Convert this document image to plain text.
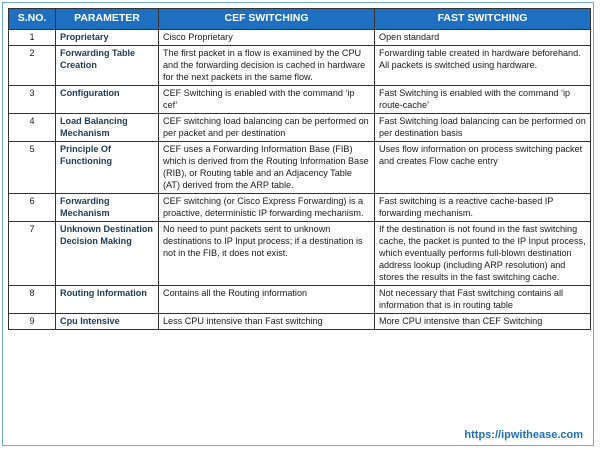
S.NO.	PARAMETER	CEF SWITCHING	FAST SWITCHING
1	Proprietary	Cisco Proprietary	Open standard
2	Forwarding Table Creation	The first packet in a flow is examined by the CPU and the forwarding decision is cached in hardware for the next packets in the same flow.	Forwarding table created in hardware beforehand. All packets is switched using hardware.
3	Configuration	CEF Switching is enabled with the command ‘ip cef’	Fast Switching is enabled with the command ‘ip route-cache’
4	Load Balancing Mechanism	CEF switching load balancing can be performed on per packet and per destination	Fast Switching load balancing can be performed on per destination basis
5	Principle Of Functioning	CEF uses a Forwarding Information Base (FIB) which is derived from the Routing Information Base (RIB), or Routing table and an Adjacency Table (AT) derived from the ARP table.	Uses flow information on process switching packet and creates Flow cache entry
6	Forwarding Mechanism	CEF switching (or Cisco Express Forwarding) is a proactive, deterministic IP forwarding mechanism.	Fast switching is a reactive cache-based IP forwarding mechanism.
7	Unknown Destination Decision Making	No need to punt packets sent to unknown destinations to IP Input process; if a destination is not in the FIB, it does not exist.	If the destination is not found in the fast switching cache, the packet is punted to the IP Input process, which eventually performs full-blown destination address lookup (including ARP resolution) and stores the results in the fast switching cache.
8	Routing Information	Contains all the Routing information	Not necessary that Fast switching contains all information that is in routing table
9	Cpu Intensive	Less CPU intensive than Fast switching	More CPU intensive than CEF Switching
https://ipwithease.com
